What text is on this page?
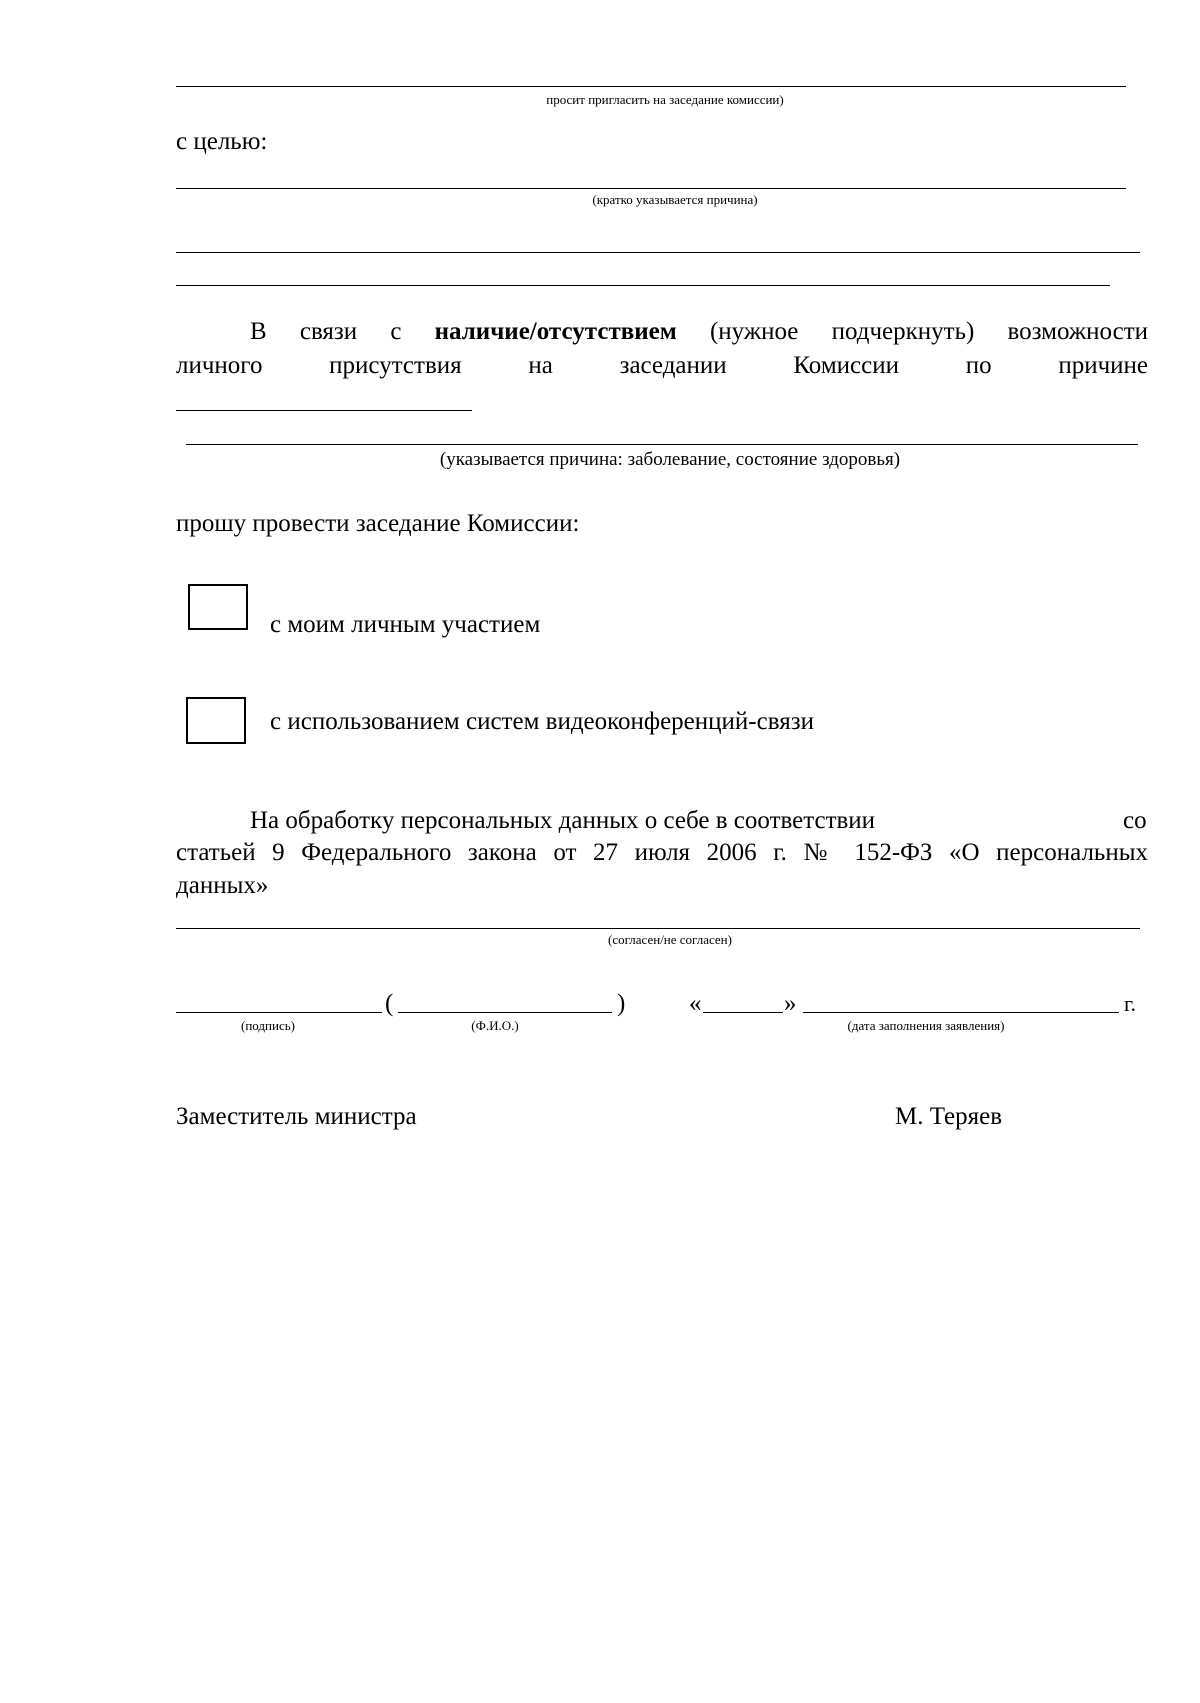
просит пригласить на заседание комиссии)
с целью:
(кратко указывается причина)
В связи с наличие/отсутствием (нужное подчеркнуть) возможности
личного	присутствия	на	заседании	Комиссии	по	причине
(указывается причина: заболевание, состояние здоровья)
прошу провести заседание Комиссии:
с моим личным участием
с использованием систем видеоконференций-связи
На обработку персональных данных о себе в соответствии	со
статьей 9 Федерального закона от 27 июля 2006 г. № 152-ФЗ «О персональных
данных»
(согласен/не согласен)
(	)	«	»	г.
(подпись)	(Ф.И.О.)	(дата заполнения заявления)
Заместитель министра	М. Теряев
